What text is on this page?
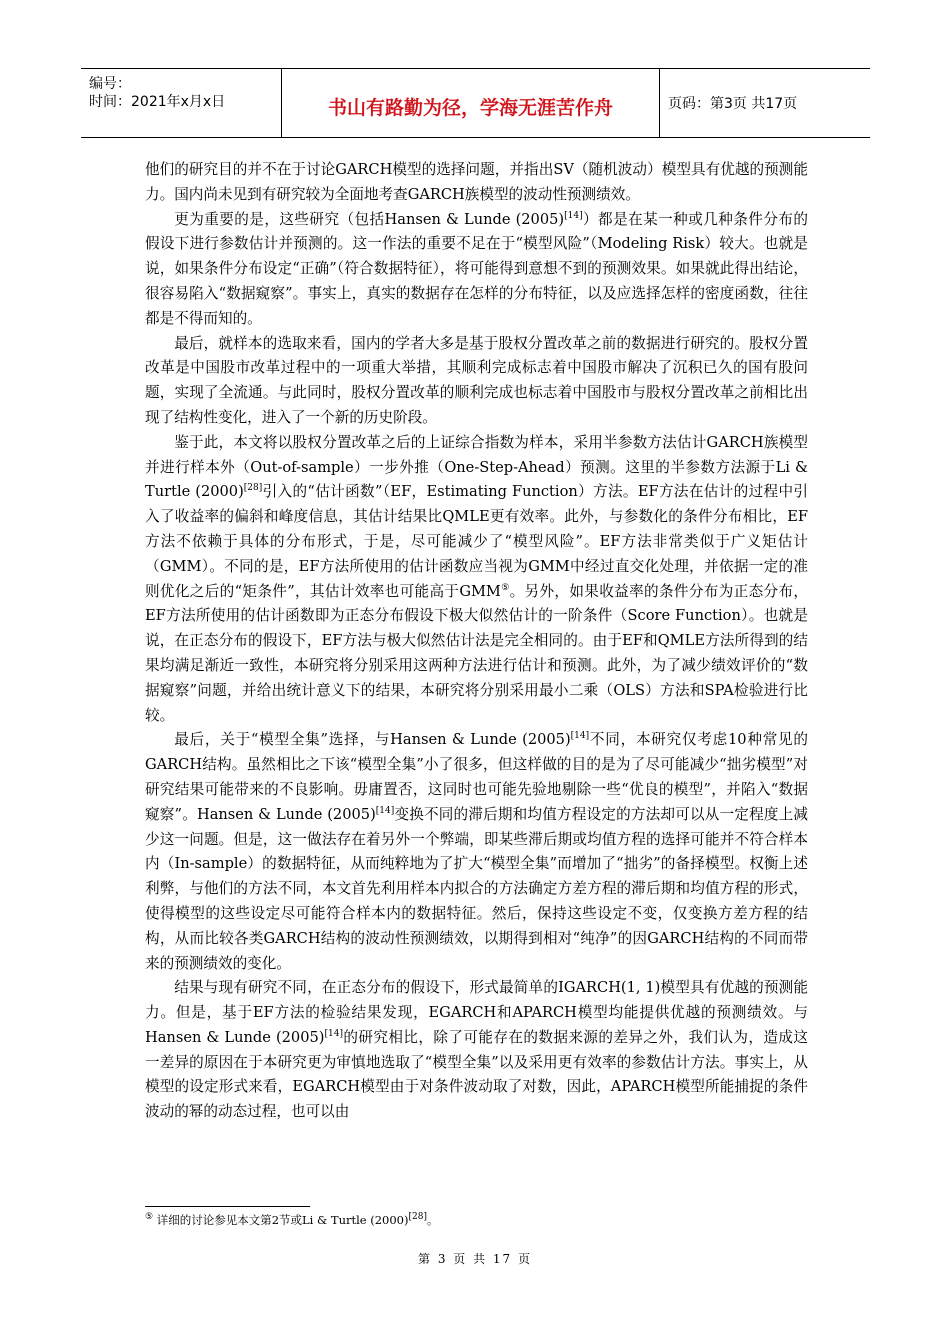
编号：
时间：2021年x月x日	书山有路勤为径，学海无涯苦作舟	页码：第3页 共17页

他们的研究目的并不在于讨论GARCH模型的选择问题，并指出SV（随机波动）模型具有优越的预测能力。国内尚未见到有研究较为全面地考查GARCH族模型的波动性预测绩效。

更为重要的是，这些研究（包括Hansen & Lunde (2005)[14]）都是在某一种或几种条件分布的假设下进行参数估计并预测的。这一作法的重要不足在于“模型风险”（Modeling Risk）较大。也就是说，如果条件分布设定“正确”（符合数据特征），将可能得到意想不到的预测效果。如果就此得出结论，很容易陷入“数据窥察”。事实上，真实的数据存在怎样的分布特征，以及应选择怎样的密度函数，往往都是不得而知的。

最后，就样本的选取来看，国内的学者大多是基于股权分置改革之前的数据进行研究的。股权分置改革是中国股市改革过程中的一项重大举措，其顺利完成标志着中国股市解决了沉积已久的国有股问题，实现了全流通。与此同时，股权分置改革的顺利完成也标志着中国股市与股权分置改革之前相比出现了结构性变化，进入了一个新的历史阶段。

鉴于此，本文将以股权分置改革之后的上证综合指数为样本，采用半参数方法估计GARCH族模型并进行样本外（Out-of-sample）一步外推（One-Step-Ahead）预测。这里的半参数方法源于Li & Turtle (2000)[28]引入的“估计函数”（EF，Estimating Function）方法。EF方法在估计的过程中引入了收益率的偏斜和峰度信息，其估计结果比QMLE更有效率。此外，与参数化的条件分布相比，EF方法不依赖于具体的分布形式，于是，尽可能减少了“模型风险”。EF方法非常类似于广义矩估计（GMM）。不同的是，EF方法所使用的估计函数应当视为GMM中经过直交化处理，并依据一定的准则优化之后的“矩条件”，其估计效率也可能高于GMM⑤。另外，如果收益率的条件分布为正态分布，EF方法所使用的估计函数即为正态分布假设下极大似然估计的一阶条件（Score Function）。也就是说，在正态分布的假设下，EF方法与极大似然估计法是完全相同的。由于EF和QMLE方法所得到的结果均满足渐近一致性，本研究将分别采用这两种方法进行估计和预测。此外，为了减少绩效评价的“数据窥察”问题，并给出统计意义下的结果，本研究将分别采用最小二乘（OLS）方法和SPA检验进行比较。

最后，关于“模型全集”选择，与Hansen & Lunde (2005)[14]不同，本研究仅考虑10种常见的GARCH结构。虽然相比之下该“模型全集”小了很多，但这样做的目的是为了尽可能减少“拙劣模型”对研究结果可能带来的不良影响。毋庸置否，这同时也可能先验地剔除一些“优良的模型”，并陷入“数据窥察”。Hansen & Lunde (2005)[14]变换不同的滞后期和均值方程设定的方法却可以从一定程度上减少这一问题。但是，这一做法存在着另外一个弊端，即某些滞后期或均值方程的选择可能并不符合样本内（In-sample）的数据特征，从而纯粹地为了扩大“模型全集”而增加了“拙劣”的备择模型。权衡上述利弊，与他们的方法不同，本文首先利用样本内拟合的方法确定方差方程的滞后期和均值方程的形式，使得模型的这些设定尽可能符合样本内的数据特征。然后，保持这些设定不变，仅变换方差方程的结构，从而比较各类GARCH结构的波动性预测绩效，以期得到相对“纯净”的因GARCH结构的不同而带来的预测绩效的变化。

结果与现有研究不同，在正态分布的假设下，形式最简单的IGARCH(1, 1)模型具有优越的预测能力。但是，基于EF方法的检验结果发现，EGARCH和APARCH模型均能提供优越的预测绩效。与Hansen & Lunde (2005)[14]的研究相比，除了可能存在的数据来源的差异之外，我们认为，造成这一差异的原因在于本研究更为审慎地选取了“模型全集”以及采用更有效率的参数估计方法。事实上，从模型的设定形式来看，EGARCH模型由于对条件波动取了对数，因此，APARCH模型所能捕捉的条件波动的幂的动态过程，也可以由

⑤ 详细的讨论参见本文第2节或Li & Turtle (2000)[28]。
第 3 页 共 17 页
